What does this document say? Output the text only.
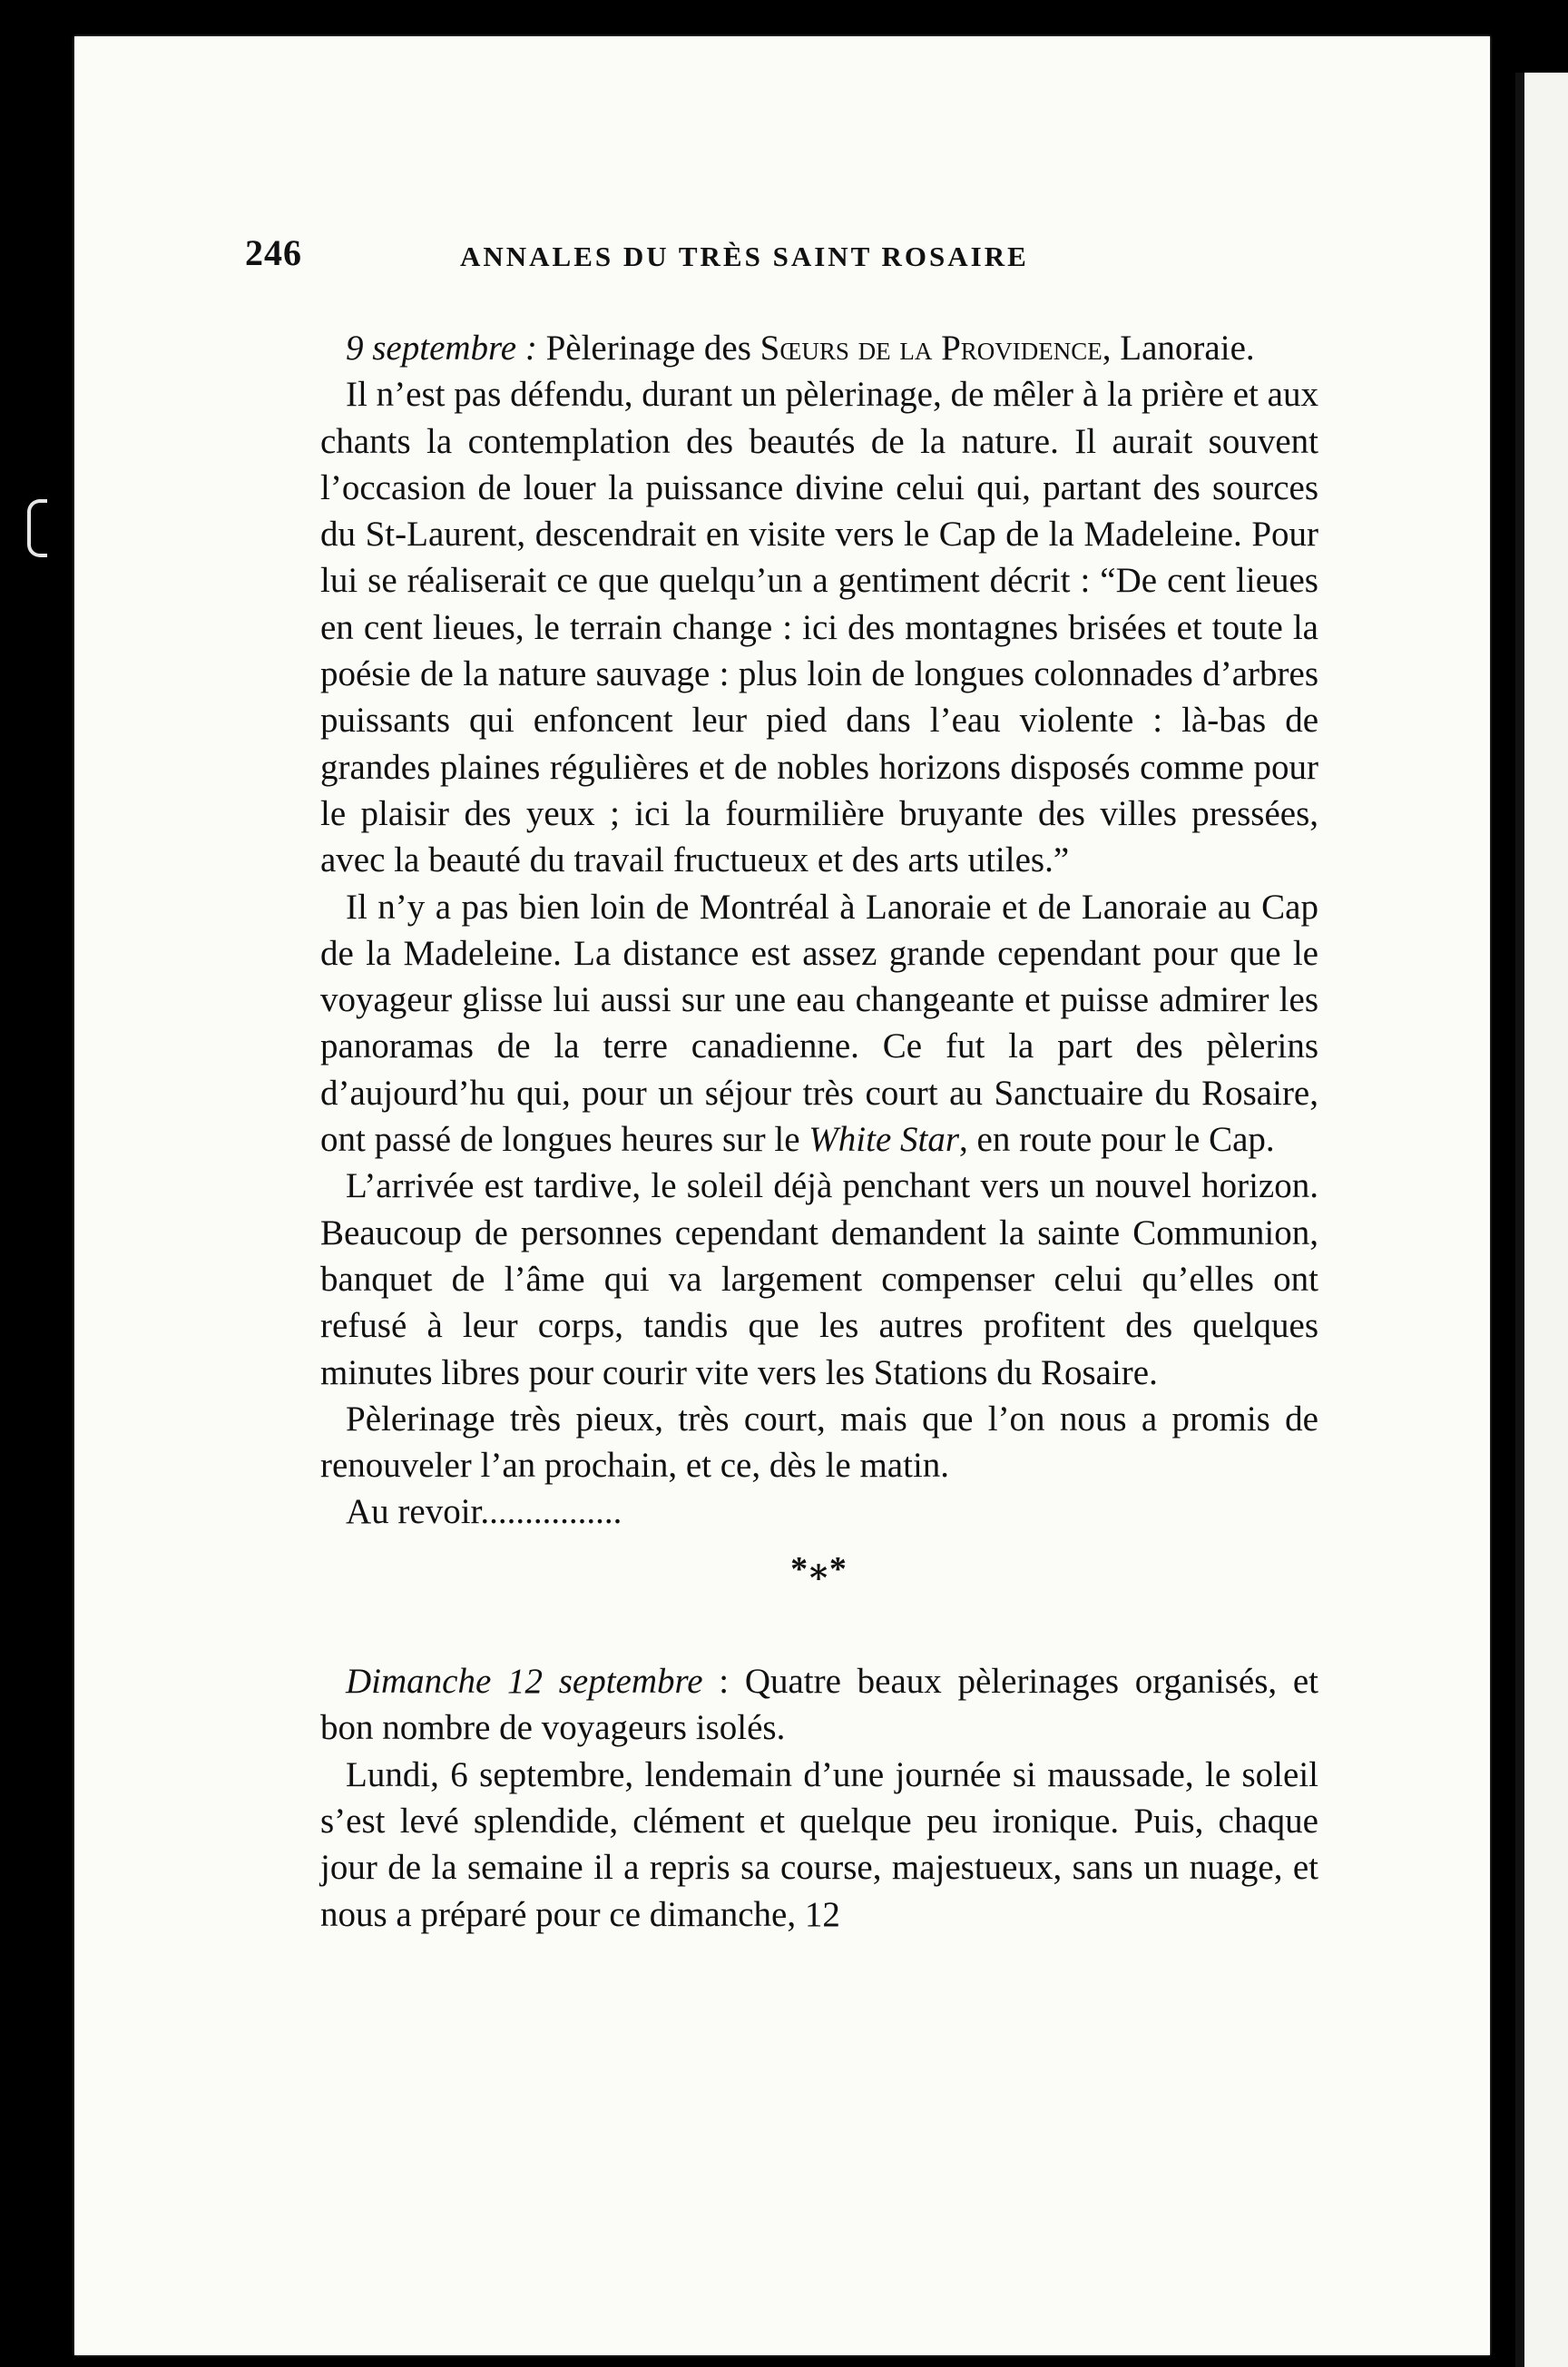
246	ANNALES DU TRÈS SAINT ROSAIRE

9 septembre : Pèlerinage des Sœurs de la Providence, Lanoraie.

Il n’est pas défendu, durant un pèlerinage, de mêler à la prière et aux chants la contemplation des beautés de la nature. Il aurait souvent l’occasion de louer la puissance divine celui qui, partant des sources du St-Laurent, descendrait en visite vers le Cap de la Madeleine. Pour lui se réaliserait ce que quelqu’un a gentiment décrit : “De cent lieues en cent lieues, le terrain change : ici des montagnes brisées et toute la poésie de la nature sauvage : plus loin de longues colonnades d’arbres puissants qui enfoncent leur pied dans l’eau violente : là-bas de grandes plaines régulières et de nobles horizons disposés comme pour le plaisir des yeux ; ici la fourmilière bruyante des villes pressées, avec la beauté du travail fructueux et des arts utiles.”

Il n’y a pas bien loin de Montréal à Lanoraie et de Lanoraie au Cap de la Madeleine. La distance est assez grande cependant pour que le voyageur glisse lui aussi sur une eau changeante et puisse admirer les panoramas de la terre canadienne. Ce fut la part des pèlerins d’aujourd’hu qui, pour un séjour très court au Sanctuaire du Rosaire, ont passé de longues heures sur le White Star, en route pour le Cap.

L’arrivée est tardive, le soleil déjà penchant vers un nouvel horizon. Beaucoup de personnes cependant demandent la sainte Communion, banquet de l’âme qui va largement compenser celui qu’elles ont refusé à leur corps, tandis que les autres profitent des quelques minutes libres pour courir vite vers les Stations du Rosaire.

Pèlerinage très pieux, très court, mais que l’on nous a promis de renouveler l’an prochain, et ce, dès le matin.

Au revoir................

*⁎*

Dimanche 12 septembre : Quatre beaux pèlerinages organisés, et bon nombre de voyageurs isolés.

Lundi, 6 septembre, lendemain d’une journée si maussade, le soleil s’est levé splendide, clément et quelque peu ironique. Puis, chaque jour de la semaine il a repris sa course, majestueux, sans un nuage, et nous a préparé pour ce dimanche, 12
